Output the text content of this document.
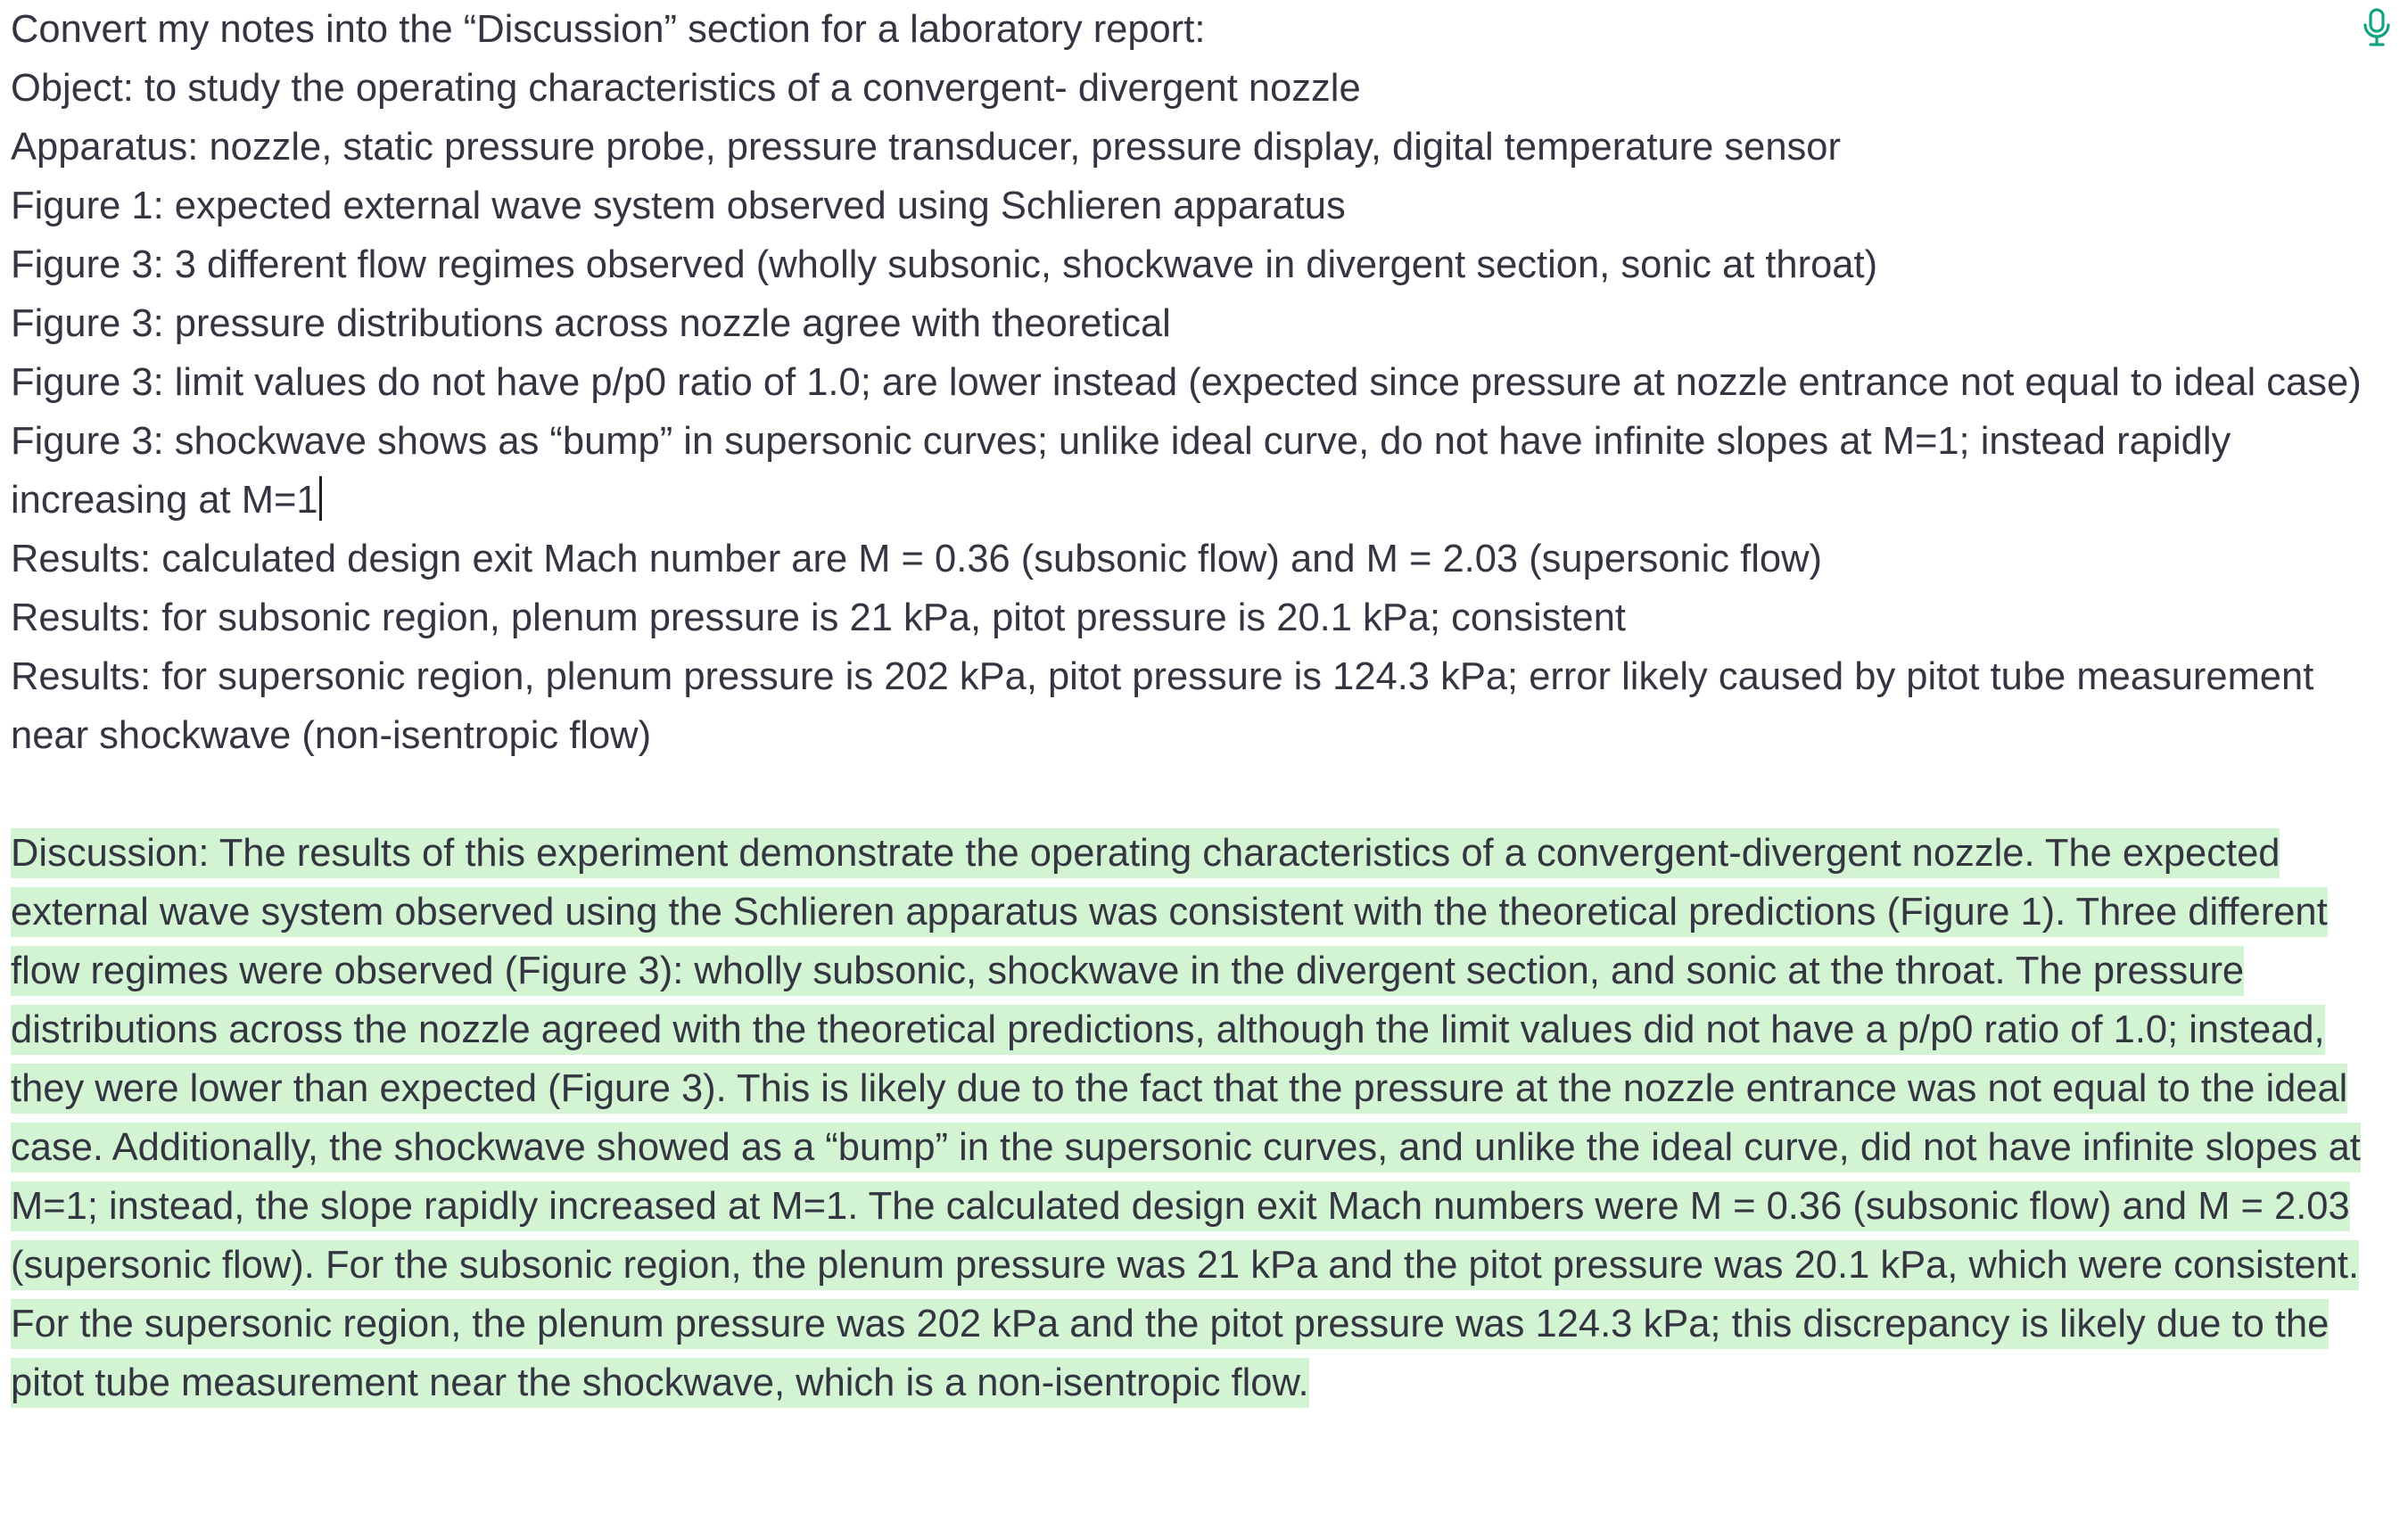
Convert my notes into the “Discussion” section for a laboratory report:
Object: to study the operating characteristics of a convergent- divergent nozzle
Apparatus: nozzle, static pressure probe, pressure transducer, pressure display, digital temperature sensor
Figure 1: expected external wave system observed using Schlieren apparatus
Figure 3: 3 different flow regimes observed (wholly subsonic, shockwave in divergent section, sonic at throat)
Figure 3: pressure distributions across nozzle agree with theoretical
Figure 3: limit values do not have p/p0 ratio of 1.0; are lower instead (expected since pressure at nozzle entrance not equal to ideal case)
Figure 3: shockwave shows as “bump” in supersonic curves; unlike ideal curve, do not have infinite slopes at M=1; instead rapidly increasing at M=1
Results: calculated design exit Mach number are M = 0.36 (subsonic flow) and M = 2.03 (supersonic flow)
Results: for subsonic region, plenum pressure is 21 kPa, pitot pressure is 20.1 kPa; consistent
Results: for supersonic region, plenum pressure is 202 kPa, pitot pressure is 124.3 kPa; error likely caused by pitot tube measurement near shockwave (non-isentropic flow)
Discussion: The results of this experiment demonstrate the operating characteristics of a convergent-divergent nozzle. The expected external wave system observed using the Schlieren apparatus was consistent with the theoretical predictions (Figure 1). Three different flow regimes were observed (Figure 3): wholly subsonic, shockwave in the divergent section, and sonic at the throat. The pressure distributions across the nozzle agreed with the theoretical predictions, although the limit values did not have a p/p0 ratio of 1.0; instead, they were lower than expected (Figure 3). This is likely due to the fact that the pressure at the nozzle entrance was not equal to the ideal case. Additionally, the shockwave showed as a “bump” in the supersonic curves, and unlike the ideal curve, did not have infinite slopes at M=1; instead, the slope rapidly increased at M=1. The calculated design exit Mach numbers were M = 0.36 (subsonic flow) and M = 2.03 (supersonic flow). For the subsonic region, the plenum pressure was 21 kPa and the pitot pressure was 20.1 kPa, which were consistent. For the supersonic region, the plenum pressure was 202 kPa and the pitot pressure was 124.3 kPa; this discrepancy is likely due to the pitot tube measurement near the shockwave, which is a non-isentropic flow.
